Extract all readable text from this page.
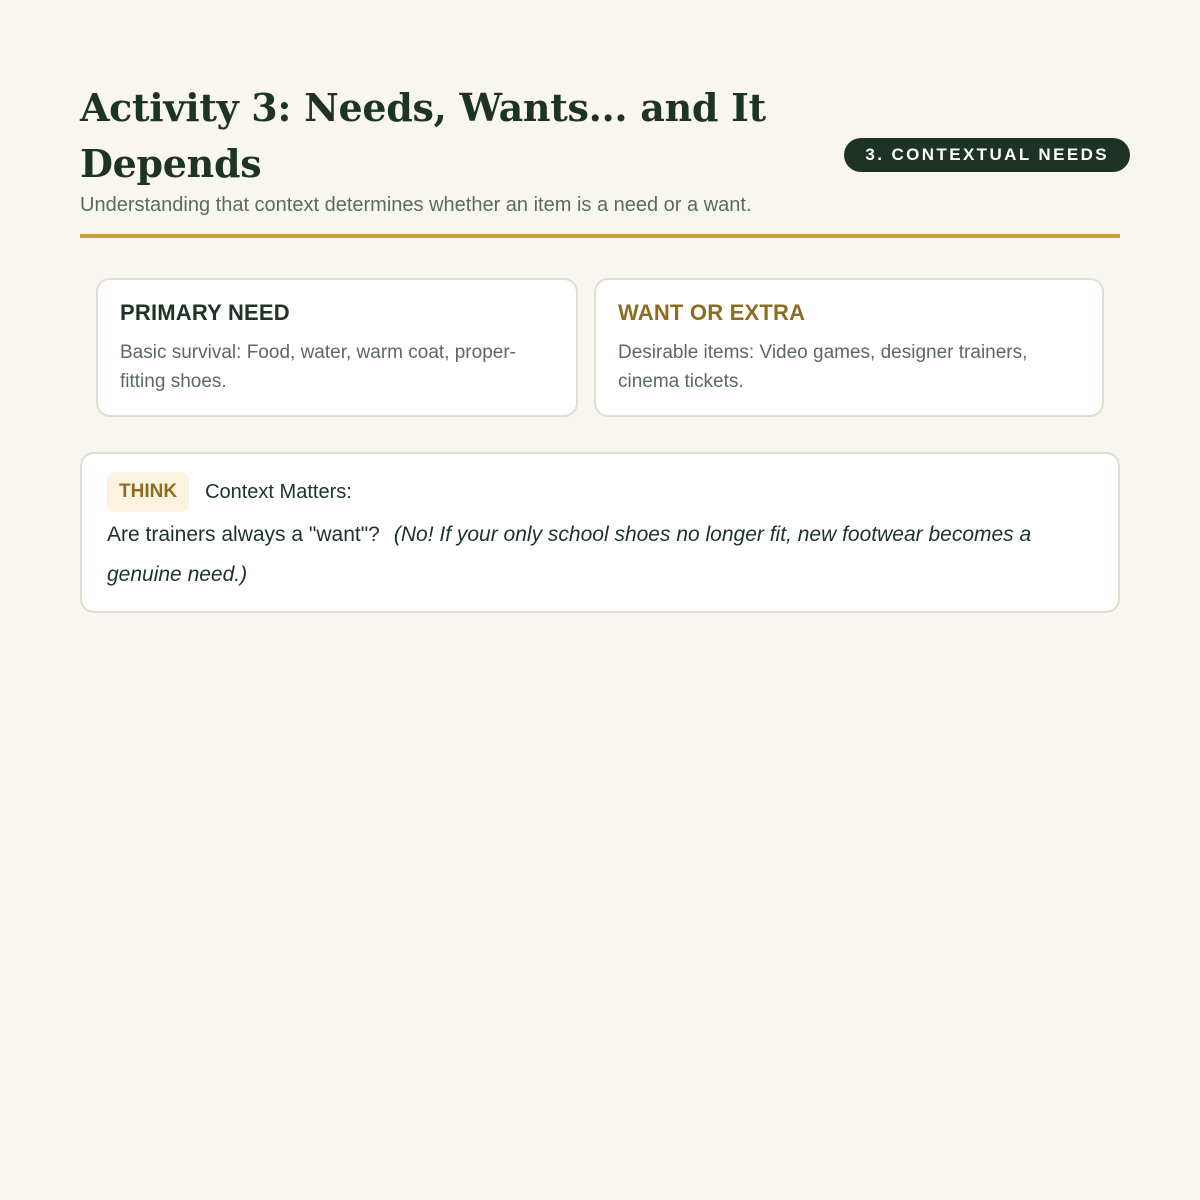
Activity 3: Needs, Wants... and It Depends
Understanding that context determines whether an item is a need or a want.
3. CONTEXTUAL NEEDS
PRIMARY NEED
Basic survival: Food, water, warm coat, proper-fitting shoes.
WANT OR EXTRA
Desirable items: Video games, designer trainers, cinema tickets.
THINK	Context Matters:
Are trainers always a "want"? (No! If your only school shoes no longer fit, new footwear becomes a genuine need.)
